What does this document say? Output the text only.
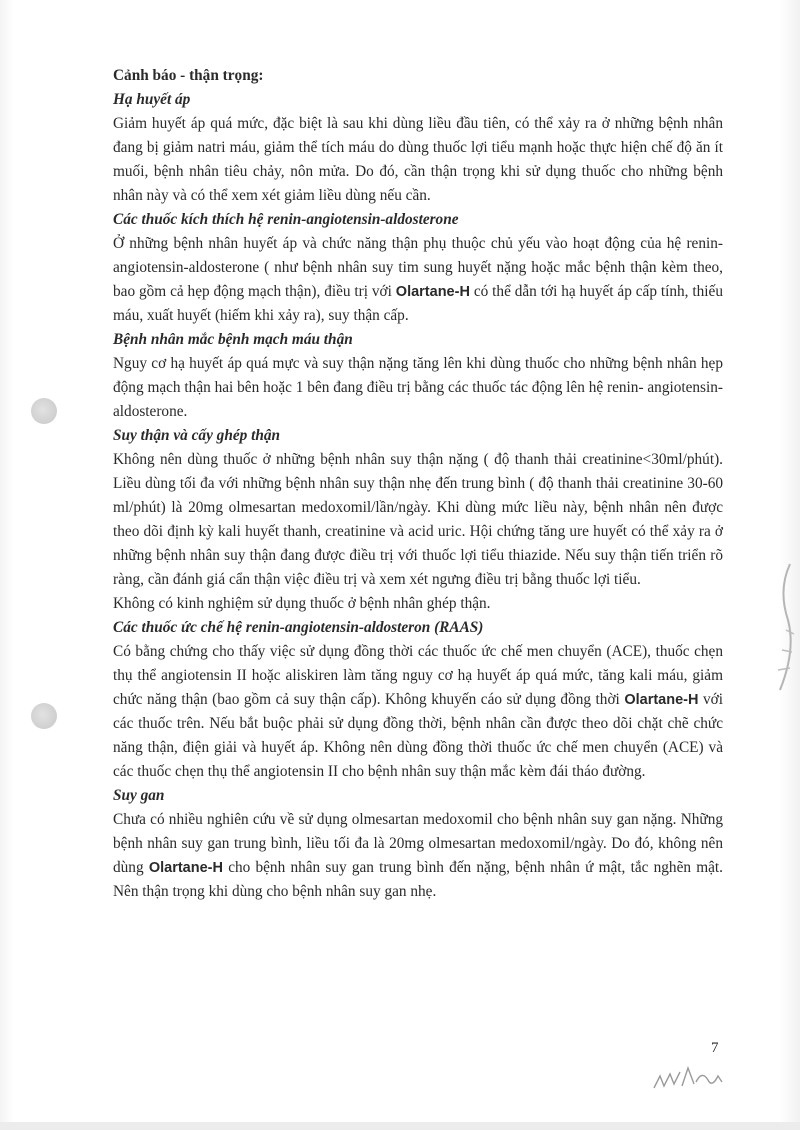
Cảnh báo - thận trọng:

Hạ huyết áp

Giảm huyết áp quá mức, đặc biệt là sau khi dùng liều đầu tiên, có thể xảy ra ở những bệnh nhân đang bị giảm natri máu, giảm thể tích máu do dùng thuốc lợi tiểu mạnh hoặc thực hiện chế độ ăn ít muối, bệnh nhân tiêu chảy, nôn mửa. Do đó, cần thận trọng khi sử dụng thuốc cho những bệnh nhân này và có thể xem xét giảm liều dùng nếu cần.

Các thuốc kích thích hệ renin-angiotensin-aldosterone

Ở những bệnh nhân huyết áp và chức năng thận phụ thuộc chủ yếu vào hoạt động của hệ renin-angiotensin-aldosterone ( như bệnh nhân suy tim sung huyết nặng hoặc mắc bệnh thận kèm theo, bao gồm cả hẹp động mạch thận), điều trị với Olartane-H có thể dẫn tới hạ huyết áp cấp tính, thiếu máu, xuất huyết (hiếm khi xảy ra), suy thận cấp.

Bệnh nhân mắc bệnh mạch máu thận

Nguy cơ hạ huyết áp quá mực và suy thận nặng tăng lên khi dùng thuốc cho những bệnh nhân hẹp động mạch thận hai bên hoặc 1 bên đang điều trị bằng các thuốc tác động lên hệ renin- angiotensin-aldosterone.

Suy thận và cấy ghép thận

Không nên dùng thuốc ở những bệnh nhân suy thận nặng ( độ thanh thải creatinine<30ml/phút). Liều dùng tối đa với những bệnh nhân suy thận nhẹ đến trung bình ( độ thanh thải creatinine 30-60 ml/phút) là 20mg olmesartan medoxomil/lần/ngày. Khi dùng mức liều này, bệnh nhân nên được theo dõi định kỳ kali huyết thanh, creatinine và acid uric. Hội chứng tăng ure huyết có thể xảy ra ở những bệnh nhân suy thận đang được điều trị với thuốc lợi tiểu thiazide. Nếu suy thận tiến triển rõ ràng, cần đánh giá cẩn thận việc điều trị và xem xét ngưng điều trị bằng thuốc lợi tiểu.

Không có kinh nghiệm sử dụng thuốc ở bệnh nhân ghép thận.

Các thuốc ức chế hệ renin-angiotensin-aldosteron (RAAS)

Có bằng chứng cho thấy việc sử dụng đồng thời các thuốc ức chế men chuyển (ACE), thuốc chẹn thụ thể angiotensin II hoặc aliskiren làm tăng nguy cơ hạ huyết áp quá mức, tăng kali máu, giảm chức năng thận (bao gồm cả suy thận cấp). Không khuyến cáo sử dụng đồng thời Olartane-H với các thuốc trên. Nếu bắt buộc phải sử dụng đồng thời, bệnh nhân cần được theo dõi chặt chẽ chức năng thận, điện giải và huyết áp. Không nên dùng đồng thời thuốc ức chế men chuyển (ACE) và các thuốc chẹn thụ thể angiotensin II cho bệnh nhân suy thận mắc kèm đái tháo đường.

Suy gan

Chưa có nhiều nghiên cứu về sử dụng olmesartan medoxomil cho bệnh nhân suy gan nặng. Những bệnh nhân suy gan trung bình, liều tối đa là 20mg olmesartan medoxomil/ngày. Do đó, không nên dùng Olartane-H cho bệnh nhân suy gan trung bình đến nặng, bệnh nhân ứ mật, tắc nghẽn mật. Nên thận trọng khi dùng cho bệnh nhân suy gan nhẹ.

7
